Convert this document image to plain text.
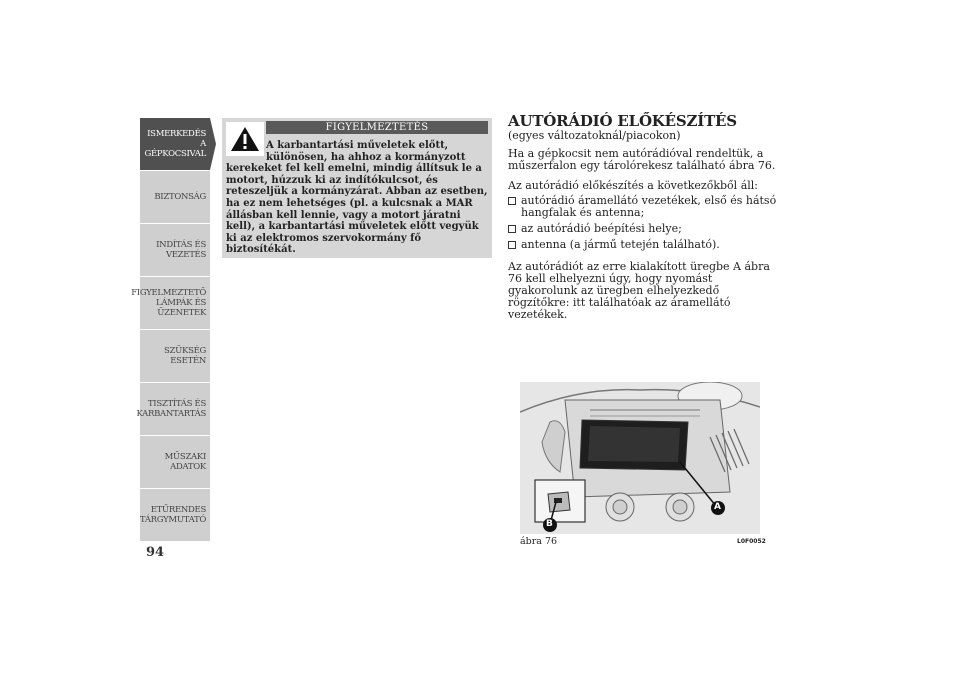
ISMERKEDÉS A
GÉPKOCSIVAL
BIZTONSÁG
INDÍTÁS ÉS
VEZETÉS
FIGYELMEZTETŐ
LÁMPÁK ÉS
ÜZENETEK
SZÜKSÉG ESETÉN
TISZTÍTÁS ÉS
KARBANTARTÁS
MŰSZAKI ADATOK
ETŰRENDES
TÁRGYMUTATÓ
94
FIGYELMEZTETÉS
A karbantartási műveletek előtt, különösen, ha ahhoz a kormányzott
kerekeket fel kell emelni, mindig állítsuk le a motort, húzzuk ki az indítókulcsot, és reteszeljük a kormányzárat. Abban az esetben, ha ez nem lehetséges (pl. a kulcsnak a MAR állásban kell lennie, vagy a motort járatni kell), a karbantartási műveletek előtt vegyük ki az elektromos szervokormány fő biztosítékát.
AUTÓRÁDIÓ ELŐKÉSZÍTÉS
(egyes változatoknál/piacokon)
Ha a gépkocsit nem autórádióval rendeltük, a műszerfalon egy tárolórekesz található ábra 76.
Az autórádió előkészítés a következőkből áll:
autórádió áramellátó vezetékek, első és hátsó hangfalak és antenna;
az autórádió beépítési helye;
antenna (a jármű tetején található).
Az autórádiót az erre kialakított üregbe A ábra 76 kell elhelyezni úgy, hogy nyomást gyakorolunk az üregben elhelyezkedő rögzítőkre: itt találhatóak az áramellátó vezetékek.
A
B
ábra 76	L0F0052
